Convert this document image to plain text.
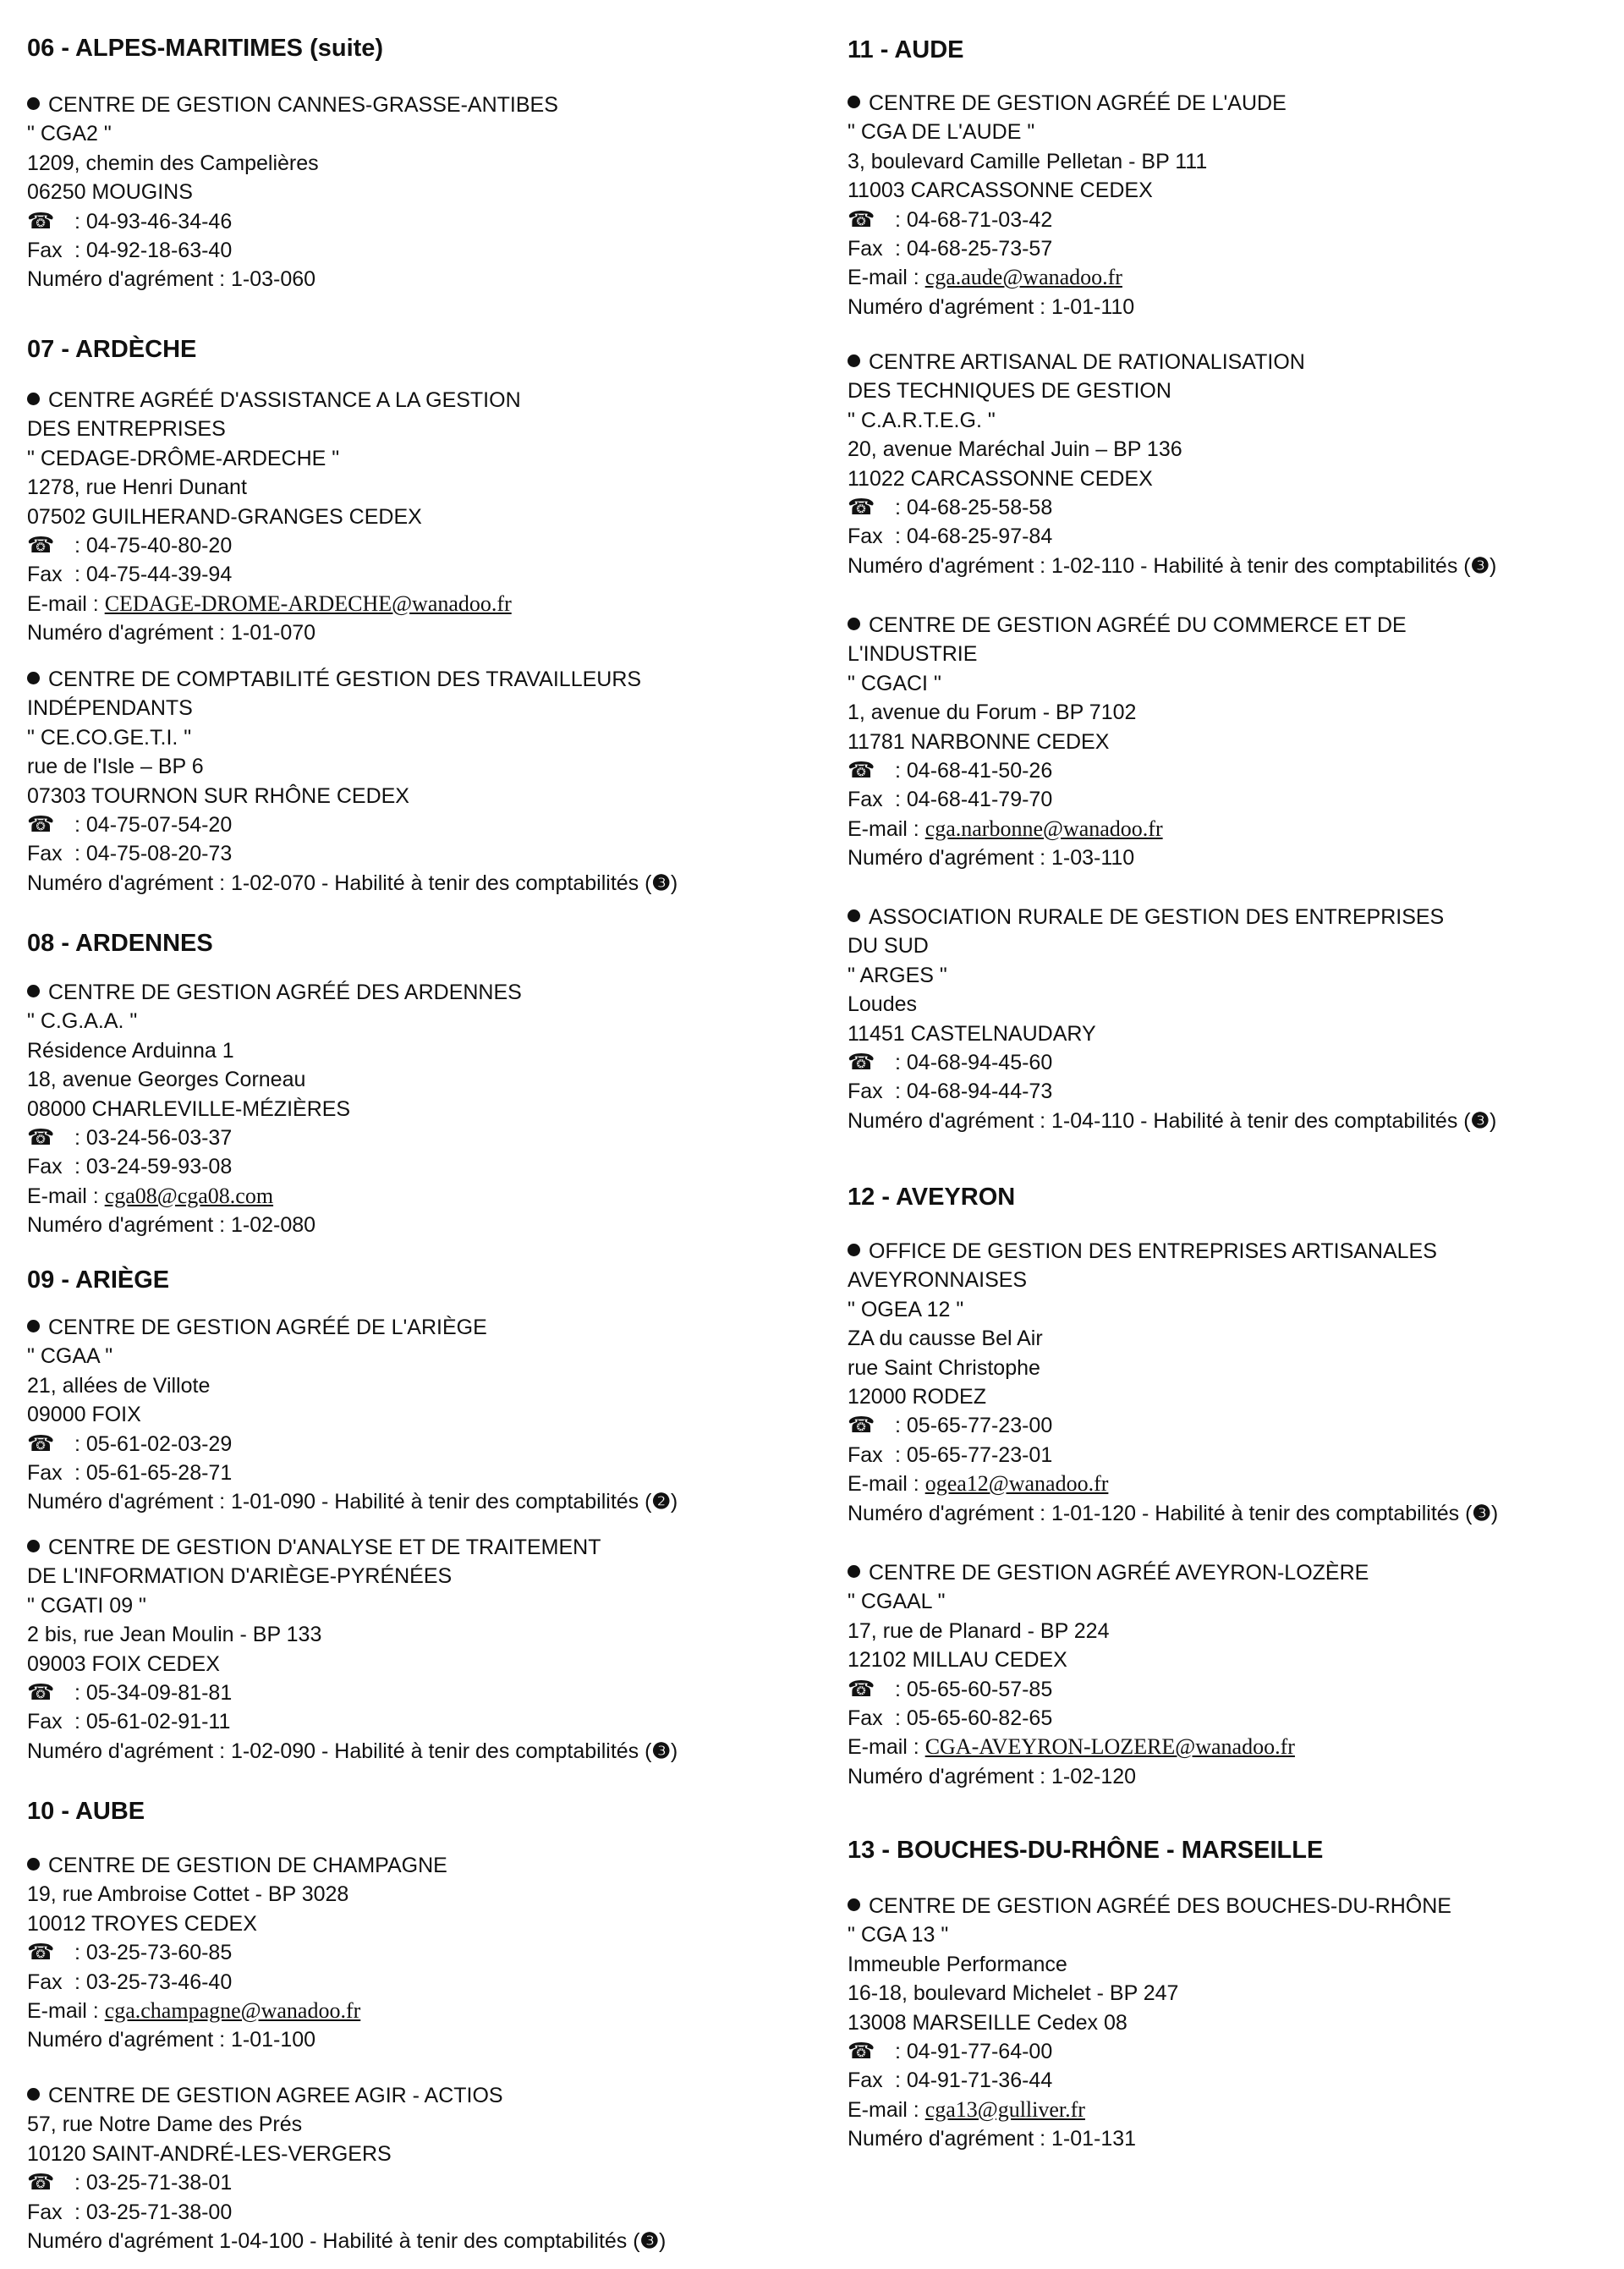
06 - ALPES-MARITIMES (suite)
CENTRE DE GESTION CANNES-GRASSE-ANTIBES
" CGA2 "
1209, chemin des Campelières
06250 MOUGINS
☎ : 04-93-46-34-46
Fax : 04-92-18-63-40
Numéro d'agrément : 1-03-060
07 - ARDÈCHE
CENTRE AGRÉÉ D'ASSISTANCE A LA GESTION
DES ENTREPRISES
" CEDAGE-DRÔME-ARDECHE "
1278, rue Henri Dunant
07502 GUILHERAND-GRANGES CEDEX
☎ : 04-75-40-80-20
Fax : 04-75-44-39-94
E-mail : CEDAGE-DROME-ARDECHE@wanadoo.fr
Numéro d'agrément : 1-01-070
CENTRE DE COMPTABILITÉ GESTION DES TRAVAILLEURS
INDÉPENDANTS
" CE.CO.GE.T.I. "
rue de l'Isle – BP 6
07303 TOURNON SUR RHÔNE CEDEX
☎ : 04-75-07-54-20
Fax : 04-75-08-20-73
Numéro d'agrément : 1-02-070 - Habilité à tenir des comptabilités (❸)
08 - ARDENNES
CENTRE DE GESTION AGRÉÉ DES ARDENNES
" C.G.A.A. "
Résidence Arduinna 1
18, avenue Georges Corneau
08000 CHARLEVILLE-MÉZIÈRES
☎ : 03-24-56-03-37
Fax : 03-24-59-93-08
E-mail : cga08@cga08.com
Numéro d'agrément : 1-02-080
09 - ARIÈGE
CENTRE DE GESTION AGRÉÉ DE L'ARIÈGE
" CGAA "
21, allées de Villote
09000 FOIX
☎ : 05-61-02-03-29
Fax : 05-61-65-28-71
Numéro d'agrément : 1-01-090 - Habilité à tenir des comptabilités (❷)
CENTRE DE GESTION D'ANALYSE ET DE TRAITEMENT
DE L'INFORMATION D'ARIÈGE-PYRÉNÉES
" CGATI 09 "
2 bis, rue Jean Moulin - BP 133
09003 FOIX CEDEX
☎ : 05-34-09-81-81
Fax : 05-61-02-91-11
Numéro d'agrément : 1-02-090 - Habilité à tenir des comptabilités (❸)
10 - AUBE
CENTRE DE GESTION DE CHAMPAGNE
19, rue Ambroise Cottet - BP 3028
10012 TROYES CEDEX
☎ : 03-25-73-60-85
Fax : 03-25-73-46-40
E-mail : cga.champagne@wanadoo.fr
Numéro d'agrément : 1-01-100
CENTRE DE GESTION AGREE AGIR - ACTIOS
57, rue Notre Dame des Prés
10120 SAINT-ANDRÉ-LES-VERGERS
☎ : 03-25-71-38-01
Fax : 03-25-71-38-00
Numéro d'agrément 1-04-100 - Habilité à tenir des comptabilités (❸)
11 - AUDE
CENTRE DE GESTION AGRÉÉ DE L'AUDE
" CGA DE L'AUDE "
3, boulevard Camille Pelletan - BP 111
11003 CARCASSONNE CEDEX
☎ : 04-68-71-03-42
Fax : 04-68-25-73-57
E-mail : cga.aude@wanadoo.fr
Numéro d'agrément : 1-01-110
CENTRE ARTISANAL DE RATIONALISATION
DES TECHNIQUES DE GESTION
" C.A.R.T.E.G. "
20, avenue Maréchal Juin – BP 136
11022 CARCASSONNE CEDEX
☎ : 04-68-25-58-58
Fax : 04-68-25-97-84
Numéro d'agrément : 1-02-110 - Habilité à tenir des comptabilités (❸)
CENTRE DE GESTION AGRÉÉ DU COMMERCE ET DE
L'INDUSTRIE
" CGACI "
1, avenue du Forum - BP 7102
11781 NARBONNE CEDEX
☎ : 04-68-41-50-26
Fax : 04-68-41-79-70
E-mail : cga.narbonne@wanadoo.fr
Numéro d'agrément : 1-03-110
ASSOCIATION RURALE DE GESTION DES ENTREPRISES
DU SUD
" ARGES "
Loudes
11451 CASTELNAUDARY
☎ : 04-68-94-45-60
Fax : 04-68-94-44-73
Numéro d'agrément : 1-04-110 - Habilité à tenir des comptabilités (❸)
12 - AVEYRON
OFFICE DE GESTION DES ENTREPRISES ARTISANALES
AVEYRONNAISES
" OGEA 12 "
ZA du causse Bel Air
rue Saint Christophe
12000 RODEZ
☎ : 05-65-77-23-00
Fax : 05-65-77-23-01
E-mail : ogea12@wanadoo.fr
Numéro d'agrément : 1-01-120 - Habilité à tenir des comptabilités (❸)
CENTRE DE GESTION AGRÉÉ AVEYRON-LOZÈRE
" CGAAL "
17, rue de Planard - BP 224
12102 MILLAU CEDEX
☎ : 05-65-60-57-85
Fax : 05-65-60-82-65
E-mail : CGA-AVEYRON-LOZERE@wanadoo.fr
Numéro d'agrément : 1-02-120
13 - BOUCHES-DU-RHÔNE - MARSEILLE
CENTRE DE GESTION AGRÉÉ DES BOUCHES-DU-RHÔNE
" CGA 13 "
Immeuble Performance
16-18, boulevard Michelet - BP 247
13008 MARSEILLE Cedex 08
☎ : 04-91-77-64-00
Fax : 04-91-71-36-44
E-mail : cga13@gulliver.fr
Numéro d'agrément : 1-01-131
